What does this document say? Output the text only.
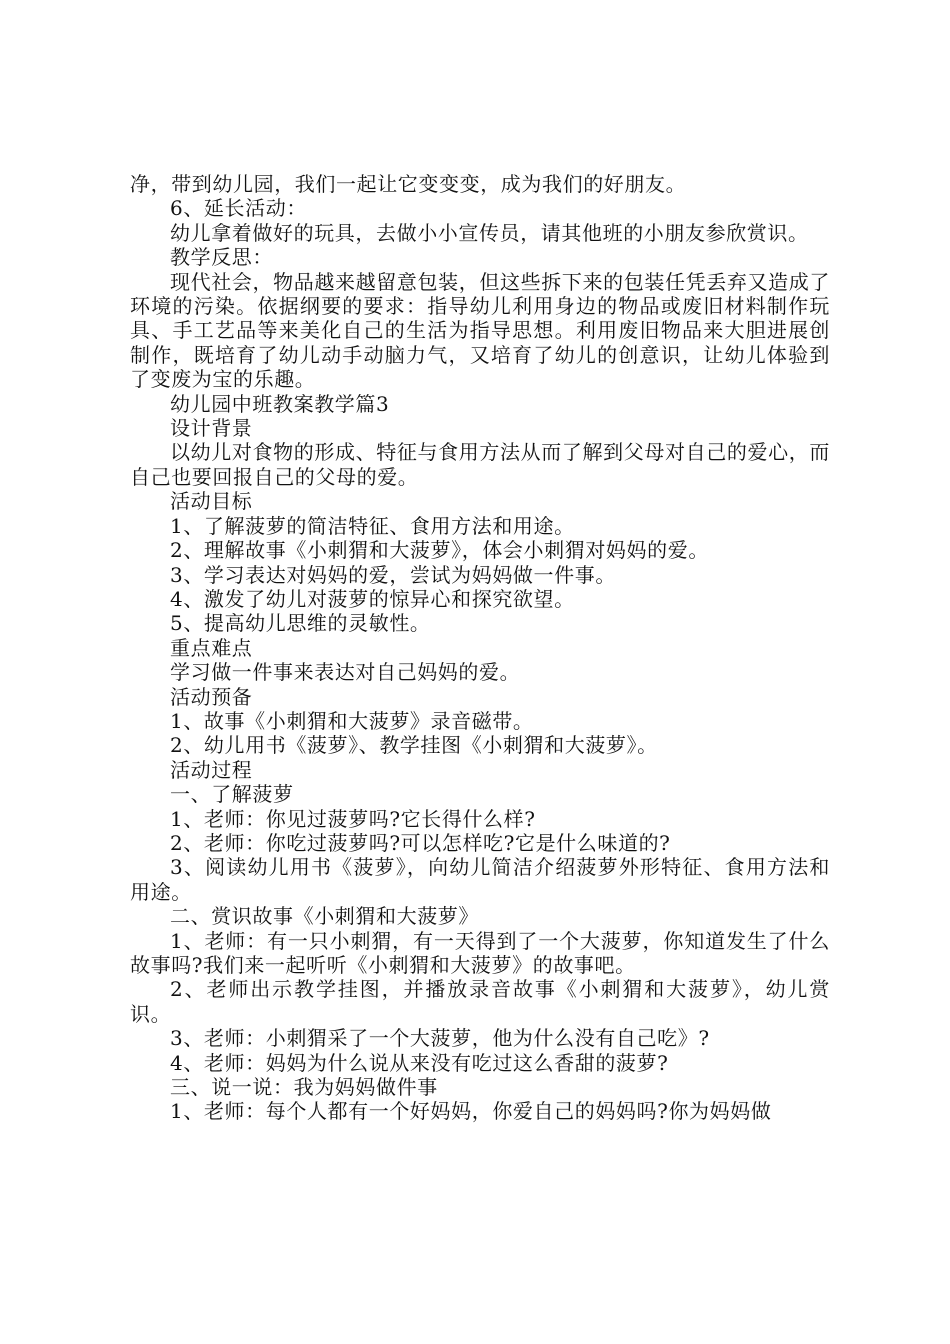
净，带到幼儿园，我们一起让它变变变，成为我们的好朋友。

6、延长活动：

幼儿拿着做好的玩具，去做小小宣传员，请其他班的小朋友参欣赏识。

教学反思：

现代社会，物品越来越留意包装，但这些拆下来的包装任凭丢弃又造成了环境的污染。依据纲要的要求：指导幼儿利用身边的物品或废旧材料制作玩具、手工艺品等来美化自己的生活为指导思想。利用废旧物品来大胆进展创制作，既培育了幼儿动手动脑力气，又培育了幼儿的创意识，让幼儿体验到了变废为宝的乐趣。

幼儿园中班教案教学篇3

设计背景

以幼儿对食物的形成、特征与食用方法从而了解到父母对自己的爱心，而自己也要回报自己的父母的爱。

活动目标

1、了解菠萝的简洁特征、食用方法和用途。

2、理解故事《小刺猬和大菠萝》，体会小刺猬对妈妈的爱。

3、学习表达对妈妈的爱，尝试为妈妈做一件事。

4、激发了幼儿对菠萝的惊异心和探究欲望。

5、提高幼儿思维的灵敏性。

重点难点

学习做一件事来表达对自己妈妈的爱。

活动预备

1、故事《小刺猬和大菠萝》录音磁带。

2、幼儿用书《菠萝》、教学挂图《小刺猬和大菠萝》。

活动过程

一、了解菠萝

1、老师：你见过菠萝吗?它长得什么样?

2、老师：你吃过菠萝吗?可以怎样吃?它是什么味道的?

3、阅读幼儿用书《菠萝》，向幼儿简洁介绍菠萝外形特征、食用方法和用途。

二、赏识故事《小刺猬和大菠萝》

1、老师：有一只小刺猬，有一天得到了一个大菠萝，你知道发生了什么故事吗?我们来一起听听《小刺猬和大菠萝》的故事吧。

2、老师出示教学挂图，并播放录音故事《小刺猬和大菠萝》，幼儿赏识。

3、老师：小刺猬采了一个大菠萝，他为什么没有自己吃》?

4、老师：妈妈为什么说从来没有吃过这么香甜的菠萝?

三、说一说：我为妈妈做件事

1、老师：每个人都有一个好妈妈，你爱自己的妈妈吗?你为妈妈做
